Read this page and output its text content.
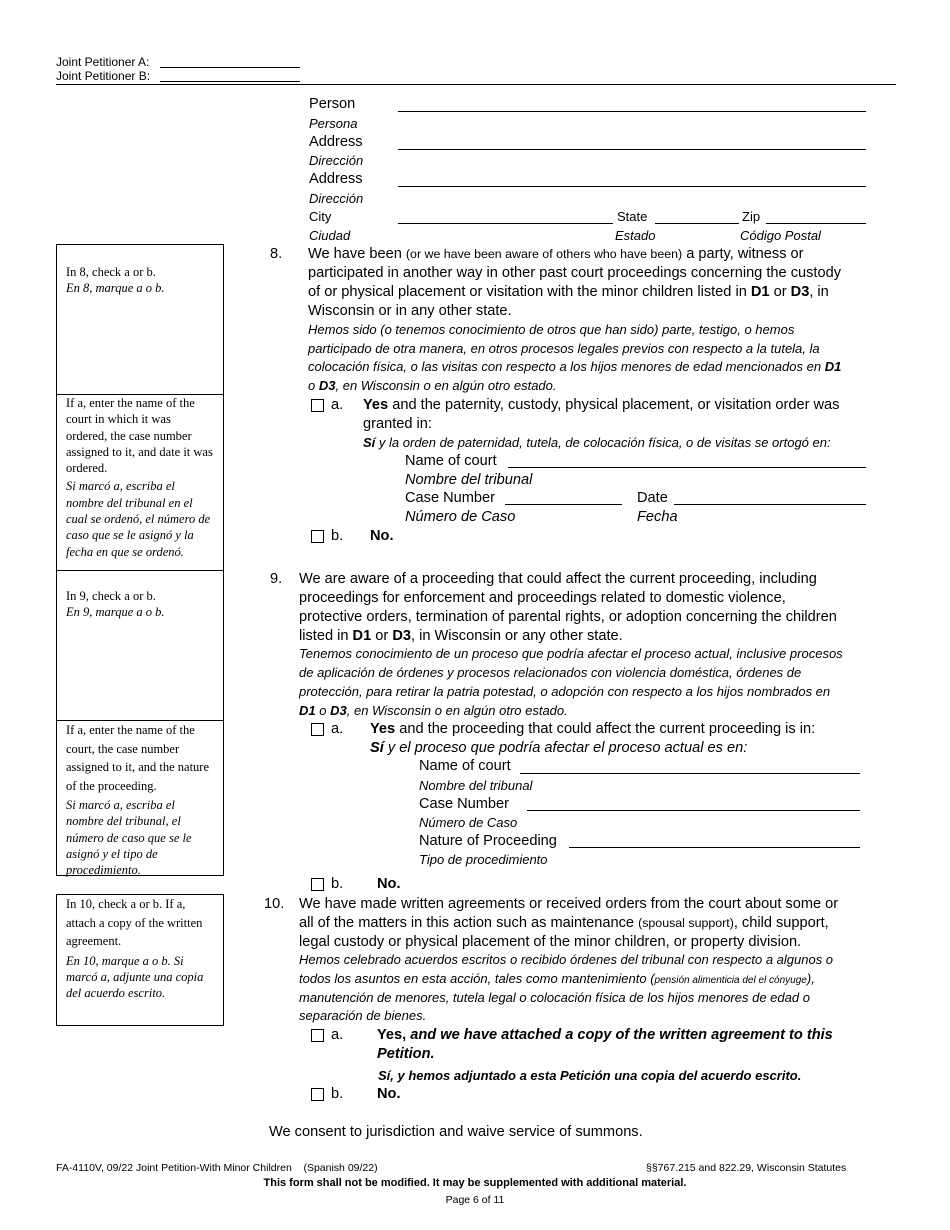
Joint Petitioner A:
Joint Petitioner B:
Person
Persona
Address
Dirección
Address
Dirección
City
Ciudad
State
Estado
Zip
Código Postal

In 8, check a or b.

En 8, marque a o b.

If a, enter the name of the court in which it was ordered, the case number assigned to it, and date it was ordered.

Si marcó a, escriba el nombre del tribunal en el cual se ordenó, el número de caso que se le asignó y la fecha en que se ordenó.

In 9, check a or b.

En 9, marque a o b.

If a, enter the name of the court, the case number assigned to it, and the nature of the proceeding.

Si marcó a, escriba el nombre del tribunal, el número de caso que se le asignó y el tipo de procedimiento.

In 10, check a or b. If a, attach a copy of the written agreement.

En 10, marque a o b. Si marcó a, adjunte una copia del acuerdo escrito.

8. We have been (or we have been aware of others who have been) a party, witness or
participated in another way in other past court proceedings concerning the custody
of or physical placement or visitation with the minor children listed in D1 or D3, in
Wisconsin or in any other state.
Hemos sido (o tenemos conocimiento de otros que han sido) parte, testigo, o hemos
participado de otra manera, en otros procesos legales previos con respecto a la tutela, la
colocación física, o las visitas con respecto a los hijos menores de edad mencionados en D1
o D3, en Wisconsin o en algún otro estado.
a. Yes and the paternity, custody, physical placement, or visitation order was
granted in:
Sí y la orden de paternidad, tutela, de colocación física, o de visitas se ortogó en:
Name of court
Nombre del tribunal
Case Number
Número de Caso
Date
Fecha
b. No.
9. We are aware of a proceeding that could affect the current proceeding, including
proceedings for enforcement and proceedings related to domestic violence,
protective orders, termination of parental rights, or adoption concerning the children
listed in D1 or D3, in Wisconsin or any other state.
Tenemos conocimiento de un proceso que podría afectar el proceso actual, inclusive procesos
de aplicación de órdenes y procesos relacionados con violencia doméstica, órdenes de
protección, para retirar la patria potestad, o adopción con respecto a los hijos nombrados en
D1 o D3, en Wisconsin o en algún otro estado.
a. Yes and the proceeding that could affect the current proceeding is in:
Sí y el proceso que podría afectar el proceso actual es en:
Name of court
Nombre del tribunal
Case Number
Número de Caso
Nature of Proceeding
Tipo de procedimiento
b. No.
10. We have made written agreements or received orders from the court about some or
all of the matters in this action such as maintenance (spousal support), child support,
legal custody or physical placement of the minor children, or property division.
Hemos celebrado acuerdos escritos o recibido órdenes del tribunal con respecto a algunos o
todos los asuntos en esta acción, tales como mantenimiento (pensión alimenticia del el cónyuge),
manutención de menores, tutela legal o colocación física de los hijos menores de edad o
separación de bienes.
a. Yes, and we have attached a copy of the written agreement to this
Petition.
Sí, y hemos adjuntado a esta Petición una copia del acuerdo escrito.
b. No.
We consent to jurisdiction and waive service of summons.
FA-4110V, 09/22 Joint Petition-With Minor Children    (Spanish 09/22)	§§767.215 and 822.29, Wisconsin Statutes
This form shall not be modified. It may be supplemented with additional material.
Page 6 of 11
